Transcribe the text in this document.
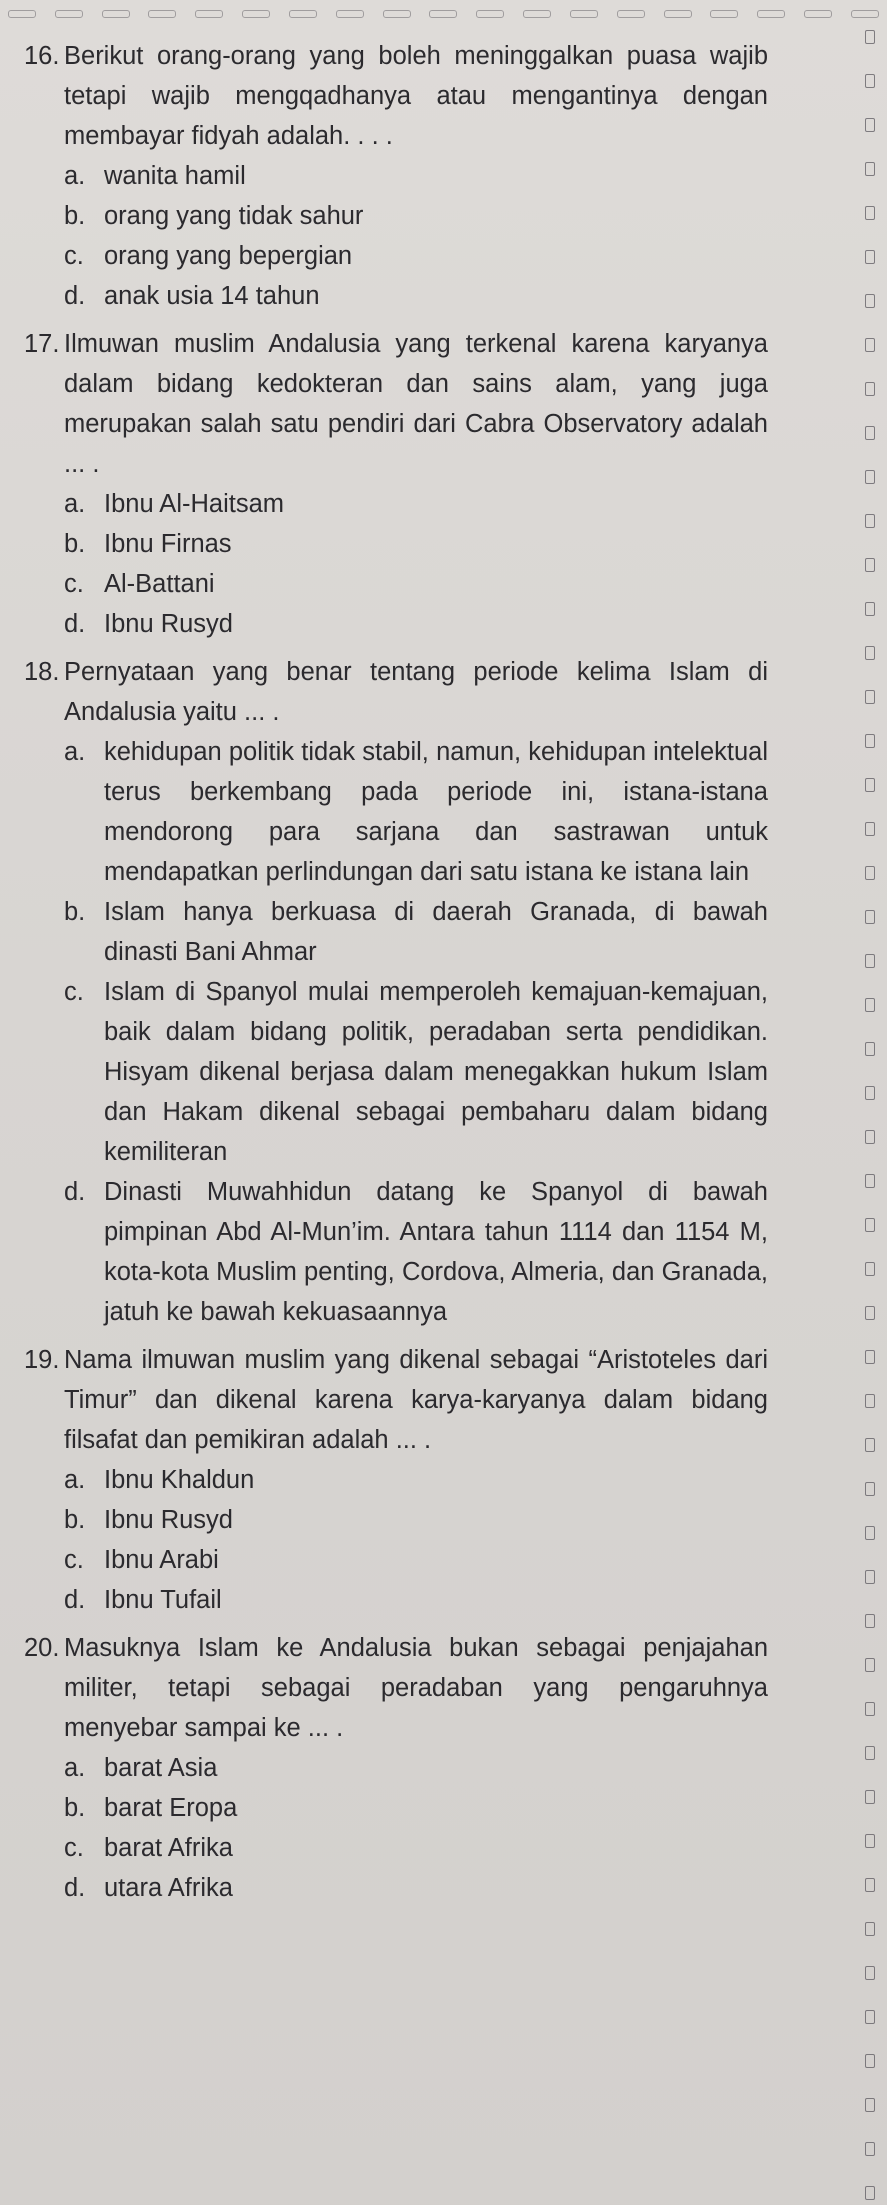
16. Berikut orang-orang yang boleh meninggalkan puasa wajib tetapi wajib mengqadhanya atau mengantinya dengan membayar fidyah adalah. . . .
a. wanita hamil
b. orang yang tidak sahur
c. orang yang bepergian
d. anak usia 14 tahun
17. Ilmuwan muslim Andalusia yang terkenal karena karyanya dalam bidang kedokteran dan sains alam, yang juga merupakan salah satu pendiri dari Cabra Observatory adalah ... .
a. Ibnu Al-Haitsam
b. Ibnu Firnas
c. Al-Battani
d. Ibnu Rusyd
18. Pernyataan yang benar tentang periode kelima Islam di Andalusia yaitu ... .
a. kehidupan politik tidak stabil, namun, kehidupan intelektual terus berkembang pada periode ini, istana-istana mendorong para sarjana dan sastrawan untuk mendapatkan perlindungan dari satu istana ke istana lain
b. Islam hanya berkuasa di daerah Granada, di bawah dinasti Bani Ahmar
c. Islam di Spanyol mulai memperoleh kemajuan-kemajuan, baik dalam bidang politik, peradaban serta pendidikan. Hisyam dikenal berjasa dalam menegakkan hukum Islam dan Hakam dikenal sebagai pembaharu dalam bidang kemiliteran
d. Dinasti Muwahhidun datang ke Spanyol di bawah pimpinan Abd Al-Mun’im. Antara tahun 1114 dan 1154 M, kota-kota Muslim penting, Cordova, Almeria, dan Granada, jatuh ke bawah kekuasaannya
19. Nama ilmuwan muslim yang dikenal sebagai “Aristoteles dari Timur” dan dikenal karena karya-karyanya dalam bidang filsafat dan pemikiran adalah ... .
a. Ibnu Khaldun
b. Ibnu Rusyd
c. Ibnu Arabi
d. Ibnu Tufail
20. Masuknya Islam ke Andalusia bukan sebagai penjajahan militer, tetapi sebagai peradaban yang pengaruhnya menyebar sampai ke ... .
a. barat Asia
b. barat Eropa
c. barat Afrika
d. utara Afrika
